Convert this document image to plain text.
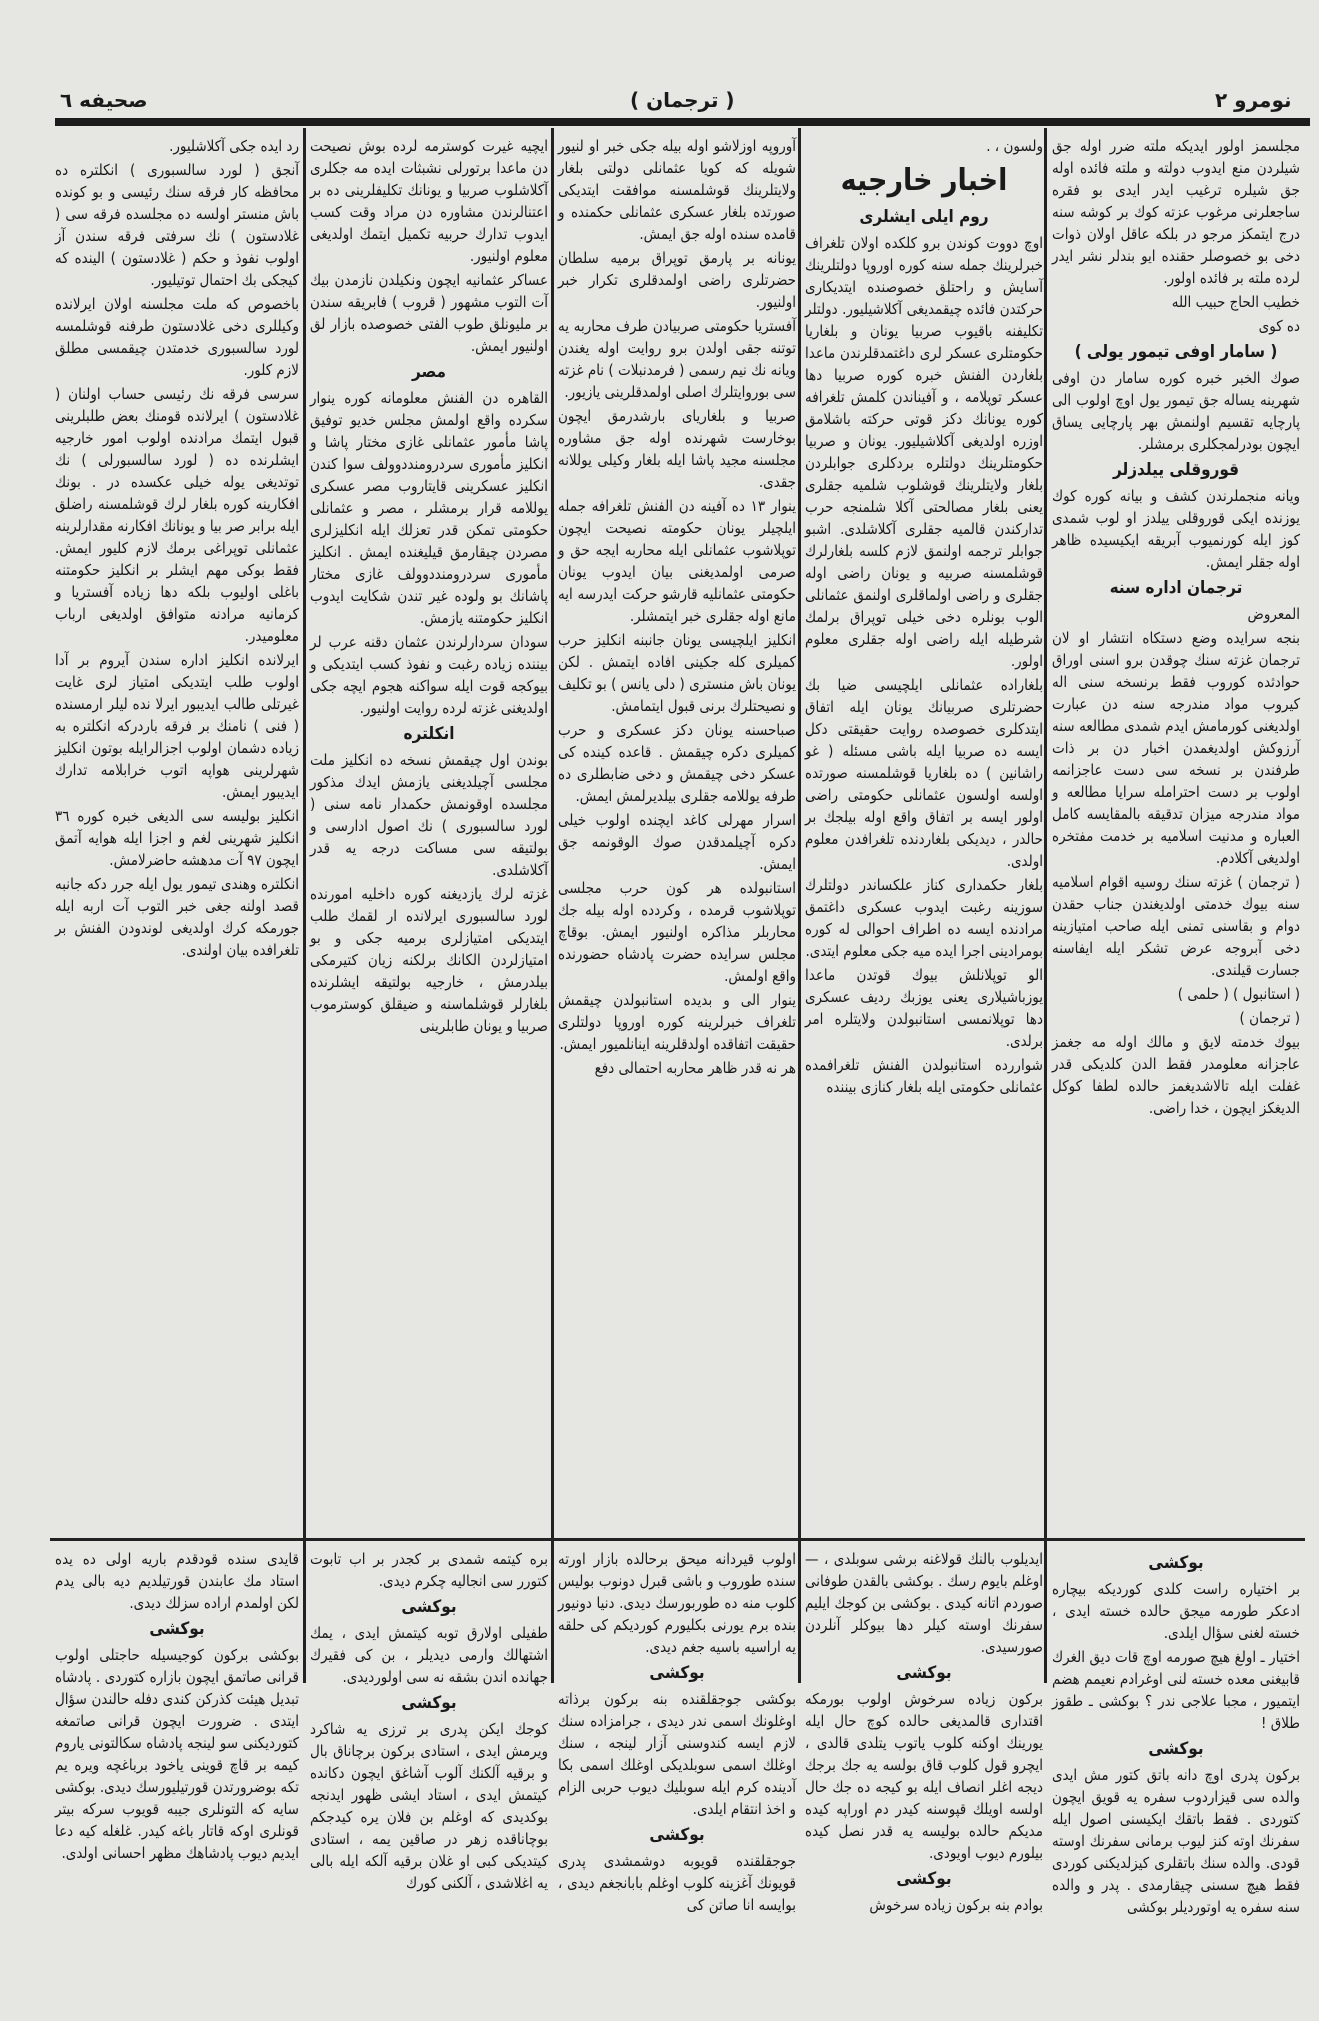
صحیفه ٦	( ترجمان )	نومرو ٢

مجلسمز اولور ایدیکه ملته ضرر اوله جق شیلردن منع ایدوب دولته و ملته فائده اوله جق شیلره ترغیب ایدر ایدی بو فقره ساجعلرنی مرغوب عزته کوك بر کوشه سنه درج ایتمکز مرجو در بلکه عاقل اولان ذوات دخی بو خصوصلر حقنده ایو بندلر نشر ایدر لرده ملته بر فائده اولور.

خطیب الحاج حبیب الله

ده کوی

( سامار اوفی تیمور یولی )

صوك الخبر خبره کوره سامار دن اوفی شهرینه یساله جق تیمور یول اوچ اولوب الی پارچایه تقسیم اولنمش بهر پارچایی یساق ایچون بودرلمجکلری برمشلر.

قوروقلی ییلدزلر

ویانه منجملرندن کشف و بیانه کوره کوك یوزنده ایکی قوروقلی ییلدز او لوب شمدی کوز ایله کورنمیوب آبریقه ایکیسیده ظاهر اوله جقلر ایمش.

ترجمان اداره سنه

المعروض

بنجه سرایده وضع دستکاه انتشار او لان ترجمان غزته سنك چوقدن برو اسنی اوراق حوادثده کوروب فقط برنسخه سنی اله کیروب مواد مندرجه سنه دن عبارت اولدیغنی کورمامش ایدم شمدی مطالعه سنه آرزوکش اولدیغمدن اخبار دن بر ذات طرفندن بر نسخه سی دست عاجزانمه اولوب بر دست احترامله سرایا مطالعه و مواد مندرجه میزان تدقیقه بالمقایسه کامل العباره و مدنیت اسلامیه بر خدمت مفتخره اولدیغی آکلادم.

( ترجمان ) غزته سنك روسیه اقوام اسلامیه سنه بیوك خدمتی اولدیغندن جناب حقدن دوام و بقاسنی تمنی ایله صاحب امتیازینه دخی آبروجه عرض تشکر ایله ایفاسنه جسارت قیلندی.

( استانبول ) ( حلمی )

( ترجمان )

بیوك خدمته لایق و مالك اوله مه جغمز عاجزانه معلومدر فقط الدن کلدیکی قدر غفلت ایله تالاشدیغمز حالده لطفا کوکل الدیغکز ایچون ، خدا راضی.

ولسون ، .

اخبار خارجیه
روم ایلی ایشلری

اوچ دووت کوندن برو کلکده اولان تلغراف خبرلرینك جمله سنه کوره اوروپا دولتلرینك آسایش و راحتلق خصوصنده ایتدیکاری حرکتدن فائده چیقمدیغی آکلاشیلیور. دولتلر تکلیفنه باقیوب صربیا یونان و بلغاریا حکومتلری عسکر لری داغتمدقلرندن ماعدا بلغاردن الفنش خبره کوره صربیا دها عسکر توپلامه ، و آفیناندن کلمش تلغرافه کوره یونانك دکز قوتی حرکته باشلامق اوزره اولدیغی آکلاشیلیور. یونان و صربیا حکومتلرینك دولتلره بردکلری جوابلردن بلغار ولایتلرینك قوشلوب شلمیه جقلری یعنی بلغار مصالحتی آکلا شلمنجه حرب تدارکندن قالمیه جقلری آکلاشلدی. اشبو جوابلر ترجمه اولنمق لازم کلسه بلغارلرك قوشلمسنه صربیه و یونان راضی اوله جقلری و راضی اولماقلری اولنمق عثمانلی الوب بونلره دخی خیلی توپراق برلمك شرطیله ایله راضی اوله جقلری معلوم اولور.

بلغاراده عثمانلی ایلچیسی ضیا بك حضرتلری صربیانك یونان ایله اتفاق ایتدکلری خصوصده روایت حقیقتی دکل ایسه ده صربیا ایله باشی مسئله ( غو راشانین ) ده بلغاریا قوشلمسنه صورتده اولسه اولسون عثمانلی حکومتی راضی اولور ایسه بر اتفاق واقع اوله بیلجك بر حالدر ، دیدیکی بلغاردنده تلغرافدن معلوم اولدی.

بلغار حکمداری کناز علکساندر دولتلرك سوزینه رغبت ایدوب عسکری داغتمق مرادنده ایسه ده اطراف احوالی له کوره بومرادینی اجرا ایده میه جکی معلوم ایتدی.

الو توپلانلش بیوك قوتدن ماعدا یوزباشیلاری یعنی یوزبك ردیف عسکری دها توپلانمسی استانبولدن ولایتلره امر برلدی.

شواررده استانبولدن الفنش تلغرافمده عثمانلی حکومتی ایله بلغار کنازی بیننده

آوروپه اوزلاشو اوله بیله جکی خبر او لنیور شویله که کویا عثمانلی دولتی بلغار ولایتلرینك قوشلمسنه موافقت ایتدیکی صورتده بلغار عسکری عثمانلی حکمنده و قامده سنده اوله جق ایمش.

یونانه بر پارمق توپراق برمیه سلطان حضرتلری راضی اولمدقلری تکرار خبر اولنیور.

آفستریا حکومتی صربیادن طرف محاربه یه توتنه جقی اولدن برو روایت اوله یغندن ویانه نك نیم رسمی ( فرمدنبلات ) نام غزته سی بوروایتلرك اصلی اولمدقلرینی یازیور.

صربیا و بلغاریای بارشدرمق ایچون بوخارست شهرنده اوله جق مشاوره مجلسنه مجید پاشا ایله بلغار وکیلی یوللانه جقدی.

ینوار ١٣ ده آفینه دن الفنش تلغرافه جمله ایلچیلر یونان حکومته نصیحت ایچون توپلاشوب عثمانلی ایله محاربه ایجه حق و صرمی اولمدیغنی بیان ایدوب یونان حکومتی عثمانلیه قارشو حرکت ایدرسه ایه مانع اوله جقلری خبر ایتمشلر.

انکلیز ایلچیسی یونان جانبنه انکلیز حرب کمیلری کله جکینی افاده ایتمش . لکن یونان باش منستری ( دلی یانس ) بو تکلیف و نصیحتلرك برنی قبول ایتمامش.

صباحسنه یونان دکز عسکری و حرب کمیلری دکره چیقمش . قاعده کینده کی عسکر دخی چیقمش و دخی ضابطلری ده طرفه یوللامه جقلری بیلدیرلمش ایمش.

اسرار مهرلی کاغد ایچنده اولوب خیلی دکره آچیلمدقدن صوك الوقونمه جق ایمش.

استانبولده هر کون حرب مجلسی توپلاشوب قرمده ، وکردده اوله بیله جك محاربلر مذاکره اولنیور ایمش. بوقاچ مجلس سرایده حضرت پادشاه حضورنده واقع اولمش.

ینوار الی و بدیده استانبولدن چیقمش تلغراف خبرلرینه کوره اوروپا دولتلری حقیقت اتفاقده اولدقلرینه اینانلمیور ایمش.

هر نه قدر ظاهر محاربه احتمالی دفع

ایچیه غیرت کوسترمه لرده بوش نصیحت دن ماعدا برتورلی نشبثات ایده مه جکلری آکلاشلوب صربیا و یونانك تکلیفلرینی ده بر اعتنالرندن مشاوره دن مراد وقت کسب ایدوب تدارك حربیه تکمیل ایتمك اولدیغی معلوم اولنیور.

عساکر عثمانیه ایچون ونکیلدن نازمدن بیك آت التوب مشهور ( قروب ) فابریقه سندن بر ملیونلق طوب الفتی خصوصده بازار لق اولنیور ایمش.

مصر

القاهره دن الفنش معلومانه کوره ینوار سکرده واقع اولمش مجلس خدیو توفیق پاشا مأمور عثمانلی غازی مختار پاشا و انکلیز مأموری سردرومنددوولف سوا کندن انکلیز عسکرینی قایتاروب مصر عسکری یوللامه قرار برمشلر ، مصر و عثمانلی حکومتی تمکن قدر تعزلك ایله انکلیزلری مصردن چیقارمق قیلیغنده ایمش . انکلیز مأموری سردرومنددوولف غازی مختار پاشانك بو ولوده غیر تندن شکایت ایدوب انکلیز حکومتنه یازمش.

سودان سردارلرندن عثمان دقنه عرب لر بیننده زیاده رغبت و نفوذ کسب ایتدیکی و بیوکجه قوت ایله سواکنه هجوم ایچه جکی اولدیغنی غزته لرده روایت اولنیور.

انکلتره

بوندن اول چیقمش نسخه ده انکلیز ملت مجلسی آچیلدیغنی یازمش ایدك مذکور مجلسده اوقونمش حکمدار نامه سنی ( لورد سالسبوری ) نك اصول ادارسی و بولتیقه سی مساکت درجه یه قدر آکلاشلدی.

غزته لرك یازدیغنه کوره داخلیه امورنده لورد سالسبوری ایرلانده ار لقمك طلب ایتدیکی امتیازلری برمیه جکی و بو امتیازلردن الکانك برلکنه زیان کتیرمکی بیلدرمش ، خارجیه بولتیقه ایشلرنده بلغارلر قوشلماسنه و ضیقلق کوسترموب صربیا و یونان طابلرینی

رد ایده جکی آکلاشلیور.

آنجق ( لورد سالسبوری ) انکلتره ده محافظه کار فرقه سنك رئیسی و بو کونده باش منستر اولسه ده مجلسده فرقه سی ( غلادستون ) نك سرفتی فرقه سندن آز اولوب نفوذ و حکم ( غلادستون ) الینده که کیجکی بك احتمال توتیلیور.

باخصوص که ملت مجلسنه اولان ایرلانده وکیللری دخی غلادستون طرفنه قوشلمسه لورد سالسبوری خدمتدن چیقمسی مطلق لازم کلور.

سرسی فرقه نك رئیسی حساب اولنان ( غلادستون ) ایرلانده قومنك بعض طلبلرینی قبول ایتمك مرادنده اولوب امور خارجیه ایشلرنده ده ( لورد سالسبورلی ) نك توتدیغی یوله خیلی عکسده در . بونك افکارینه کوره بلغار لرك قوشلمسنه راضلق ایله برابر صر بیا و یونانك افکارنه مقدارلرینه عثمانلی توپراغی برمك لازم کلیور ایمش. فقط بوکی مهم ایشلر بر انکلیز حکومتنه باغلی اولیوب بلکه دها زیاده آفستریا و کرمانیه مرادنه متوافق اولدیغی ارباب معلومیدر.

ایرلانده انکلیز اداره سندن آیروم بر آدا اولوب طلب ایتدیکی امتیاز لری غایت غیرتلی طالب ایدیبور ایرلا نده لیلر ارمسنده ( فنی ) نامنك بر فرقه باردرکه انکلتره به زیاده دشمان اولوب اجزالرایله بوتون انکلیز شهرلرینی هواپه اتوب خرابلامه تدارك ایدیبور ایمش.

انکلیز بولیسه سی الدیغی خبره کوره ٣٦ انکلیز شهرینی لغم و اجزا ایله هوایه آتمق ایچون ٩٧ آت مدهشه حاضرلامش.

انکلتره وهندی تیمور یول ایله جرر دکه جانبه قصد اولنه جغی خبر التوب آت اربه ایله جورمکه کرك اولدیغی لوندودن الفنش بر تلغرافده بیان اولندی.

بوکشی

بر اختیاره راست کلدی کوردیکه بیچاره ادعکر طورمه میجق حالده خسته ایدی ، خسته لغنی سؤال ایلدی.

اختیار ـ اولغ هیچ صورمه اوچ قات دیق الغرك قابیغنی معده خسته لنی اوغرادم نعیمم هضم ایتمیور ، مجبا علاجی ندر ؟ بوکشی ـ طقوز طلاق !

بوکشی

برکون پدری اوچ دانه باتق کتور مش ایدی والده سی قیزاردوب سفره یه قویق ایچون کتوردی . فقط باتقك ایکیسنی اصول ایله سفرنك اوته کنز لیوب برمانی سفرنك اوسته قودی. والده سنك باتقلری کیزلدیکنی کوردی فقط هیچ سسنی چیقارمدی . پدر و والده سنه سفره یه اوتوردیلر بوکشی

ایدیلوب بالنك قولاغنه برشی سوبلدی ، — اوغلم بایوم رسك . بوکشی بالقدن طوفانی صوردم اتانه کیدی . بوکشی بن کوجك ایلیم سفرنك اوسته کیلر دها بیوکلر آنلردن صورسیدی.

بوکشی

برکون زیاده سرخوش اولوب بورمکه اقتداری قالمدیغی حالده کوچ حال ایله یورینك اوکنه کلوب یاتوب یتلدی قالدی ، ایچرو قول کلوب قاق بولسه یه جك برجك دیجه اغلر انصاف ایله بو کیجه ده جك حال اولسه اویلك قپوسنه کیدر دم اوراپه کیده مدیکم حالده بولیسه یه قدر نصل کیده بیلورم دیوب اویودی.

بوکشی

بوادم بنه برکون زیاده سرخوش

اولوب قیردانه میحق برحالده بازار اورته سنده طوروب و باشی قبرل دونوب بولیس کلوب منه ده طوربورسك دیدی. دنیا دونیور بنده برم یورنی بکلیورم کوردیکم کی حلقه یه اراسیه باسیه جغم دیدی.

بوکشی

بوکشی جوجقلقنده بنه برکون برذاته اوغلونك اسمی ندر دیدی ، جرامزاده سنك لازم ایسه کندوسنی آزار لینجه ، سنك اوغلك اسمی سوبلدیکی اوغلك اسمی بکا آدینده کرم ایله سوبلیك دیوب حربی الزام و اخذ انتقام ایلدی.

بوکشی

جوجقلقنده قویوبه دوشمشدی پدری قویونك آغزینه کلوب اوغلم بابانجغم دیدی ، بوایسه انا صاتن کی

بره کیتمه شمدی بر کجدر بر اب تابوت کتورر سی انجالیه چکرم دیدی.

بوکشی

طفیلی اولارق توبه کیتمش ایدی ، یمك اشتهالك وارمی دیدیلر ، بن کی فقیرك جهانده اندن بشقه نه سی اولوردیدی.

بوکشی

کوجك ایکن پدری بر ترزی یه شاکرد ویرمش ایدی ، استادی برکون برچاناق بال و برقیه آلکنك آلوب آشاغق ایچون دکانده کیتمش ایدی ، استاد ایشی ظهور ایدنجه بوکدیدی که اوغلم بن فلان یره کیدجکم بوچاناقده زهر در صاقین یمه ، استادی کیتدیکی کبی او غلان برقیه آلکه ایله بالی یه اغلاشدی ، آلکنی کورك

قایدی سنده قودقدم باریه اولی ده یده استاد مك عابندن قورتیلدیم دیه بالی یدم لکن اولمدم اراده سزلك دیدی.

بوکشی

بوکشی برکون کوجیسیله حاجتلی اولوب قرانی صاتمق ایچون بازاره کتوردی . پادشاه تبدیل هیئت کذرکن کندی دفله حالندن سؤال ایتدی . ضرورت ایچون قرانی صاتمغه کتوردیکنی سو لینجه پادشاه سکالتونی یاروم کیمه بر قاچ قوینی یاخود برباغچه ویره یم تکه بوضرورتدن قورتیلیورسك دیدی. بوکشی سایه که التونلری جیبه قویوب سرکه بیتر قونلری اوکه قاتار باغه کیدر. غلغله کیه دعا ایدیم دیوب پادشاهك مظهر احسانی اولدی.
